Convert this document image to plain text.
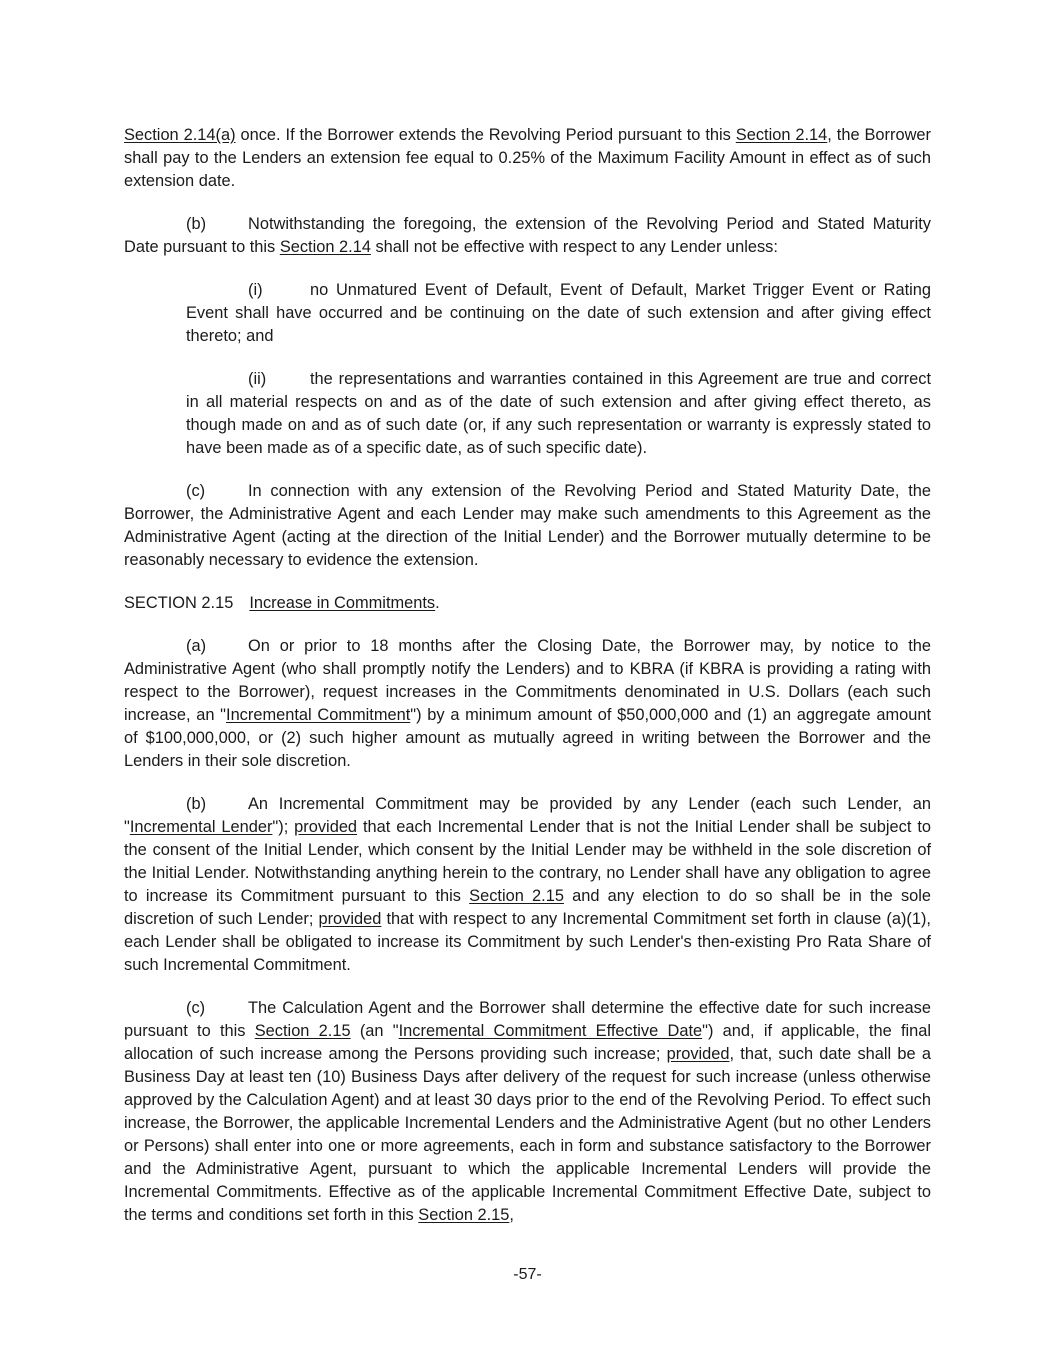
Section 2.14(a) once. If the Borrower extends the Revolving Period pursuant to this Section 2.14, the Borrower shall pay to the Lenders an extension fee equal to 0.25% of the Maximum Facility Amount in effect as of such extension date.

(b)	Notwithstanding the foregoing, the extension of the Revolving Period and Stated Maturity Date pursuant to this Section 2.14 shall not be effective with respect to any Lender unless:

(i)	no Unmatured Event of Default, Event of Default, Market Trigger Event or Rating Event shall have occurred and be continuing on the date of such extension and after giving effect thereto; and

(ii)	the representations and warranties contained in this Agreement are true and correct in all material respects on and as of the date of such extension and after giving effect thereto, as though made on and as of such date (or, if any such representation or warranty is expressly stated to have been made as of a specific date, as of such specific date).

(c)	In connection with any extension of the Revolving Period and Stated Maturity Date, the Borrower, the Administrative Agent and each Lender may make such amendments to this Agreement as the Administrative Agent (acting at the direction of the Initial Lender) and the Borrower mutually determine to be reasonably necessary to evidence the extension.

SECTION 2.15 Increase in Commitments.

(a)	On or prior to 18 months after the Closing Date, the Borrower may, by notice to the Administrative Agent (who shall promptly notify the Lenders) and to KBRA (if KBRA is providing a rating with respect to the Borrower), request increases in the Commitments denominated in U.S. Dollars (each such increase, an "Incremental Commitment") by a minimum amount of $50,000,000 and (1) an aggregate amount of $100,000,000, or (2) such higher amount as mutually agreed in writing between the Borrower and the Lenders in their sole discretion.

(b)	An Incremental Commitment may be provided by any Lender (each such Lender, an "Incremental Lender"); provided that each Incremental Lender that is not the Initial Lender shall be subject to the consent of the Initial Lender, which consent by the Initial Lender may be withheld in the sole discretion of the Initial Lender. Notwithstanding anything herein to the contrary, no Lender shall have any obligation to agree to increase its Commitment pursuant to this Section 2.15 and any election to do so shall be in the sole discretion of such Lender; provided that with respect to any Incremental Commitment set forth in clause (a)(1), each Lender shall be obligated to increase its Commitment by such Lender's then-existing Pro Rata Share of such Incremental Commitment.

(c)	The Calculation Agent and the Borrower shall determine the effective date for such increase pursuant to this Section 2.15 (an "Incremental Commitment Effective Date") and, if applicable, the final allocation of such increase among the Persons providing such increase; provided, that, such date shall be a Business Day at least ten (10) Business Days after delivery of the request for such increase (unless otherwise approved by the Calculation Agent) and at least 30 days prior to the end of the Revolving Period. To effect such increase, the Borrower, the applicable Incremental Lenders and the Administrative Agent (but no other Lenders or Persons) shall enter into one or more agreements, each in form and substance satisfactory to the Borrower and the Administrative Agent, pursuant to which the applicable Incremental Lenders will provide the Incremental Commitments. Effective as of the applicable Incremental Commitment Effective Date, subject to the terms and conditions set forth in this Section 2.15,

-57-
